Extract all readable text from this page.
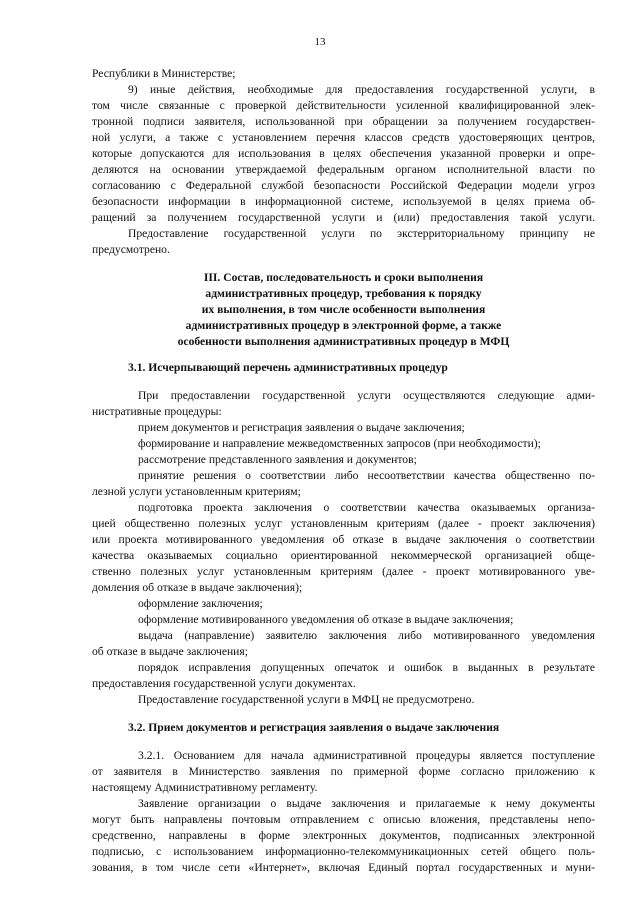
13
Республики в Министерстве;
9) иные действия, необходимые для предоставления государственной услуги, в
том числе связанные с проверкой действительности усиленной квалифицированной элек-
тронной подписи заявителя, использованной при обращении за получением государствен-
ной услуги, а также с установлением перечня классов средств удостоверяющих центров,
которые допускаются для использования в целях обеспечения указанной проверки и опре-
деляются на основании утверждаемой федеральным органом исполнительной власти по
согласованию с Федеральной службой безопасности Российской Федерации модели угроз
безопасности информации в информационной системе, используемой в целях приема об-
ращений за получением государственной услуги и (или) предоставления такой услуги.
Предоставление государственной услуги по экстерриториальному принципу не
предусмотрено.
III. Состав, последовательность и сроки выполнения
административных процедур, требования к порядку
их выполнения, в том числе особенности выполнения
административных процедур в электронной форме, а также
особенности выполнения административных процедур в МФЦ
3.1. Исчерпывающий перечень административных процедур
При предоставлении государственной услуги осуществляются следующие адми-
нистративные процедуры:
прием документов и регистрация заявления о выдаче заключения;
формирование и направление межведомственных запросов (при необходимости);
рассмотрение представленного заявления и документов;
принятие решения о соответствии либо несоответствии качества общественно по-
лезной услуги установленным критериям;
подготовка проекта заключения о соответствии качества оказываемых организа-
цией общественно полезных услуг установленным критериям (далее - проект заключения)
или проекта мотивированного уведомления об отказе в выдаче заключения о соответствии
качества оказываемых социально ориентированной некоммерческой организацией обще-
ственно полезных услуг установленным критериям (далее - проект мотивированного уве-
домления об отказе в выдаче заключения);
оформление заключения;
оформление мотивированного уведомления об отказе в выдаче заключения;
выдача (направление) заявителю заключения либо мотивированного уведомления
об отказе в выдаче заключения;
порядок исправления допущенных опечаток и ошибок в выданных в результате
предоставления государственной услуги документах.
Предоставление государственной услуги в МФЦ не предусмотрено.
3.2. Прием документов и регистрация заявления о выдаче заключения
3.2.1. Основанием для начала административной процедуры является поступление
от заявителя в Министерство заявления по примерной форме согласно приложению к
настоящему Административному регламенту.
Заявление организации о выдаче заключения и прилагаемые к нему документы
могут быть направлены почтовым отправлением с описью вложения, представлены непо-
средственно, направлены в форме электронных документов, подписанных электронной
подписью, с использованием информационно-телекоммуникационных сетей общего поль-
зования, в том числе сети «Интернет», включая Единый портал государственных и муни-
